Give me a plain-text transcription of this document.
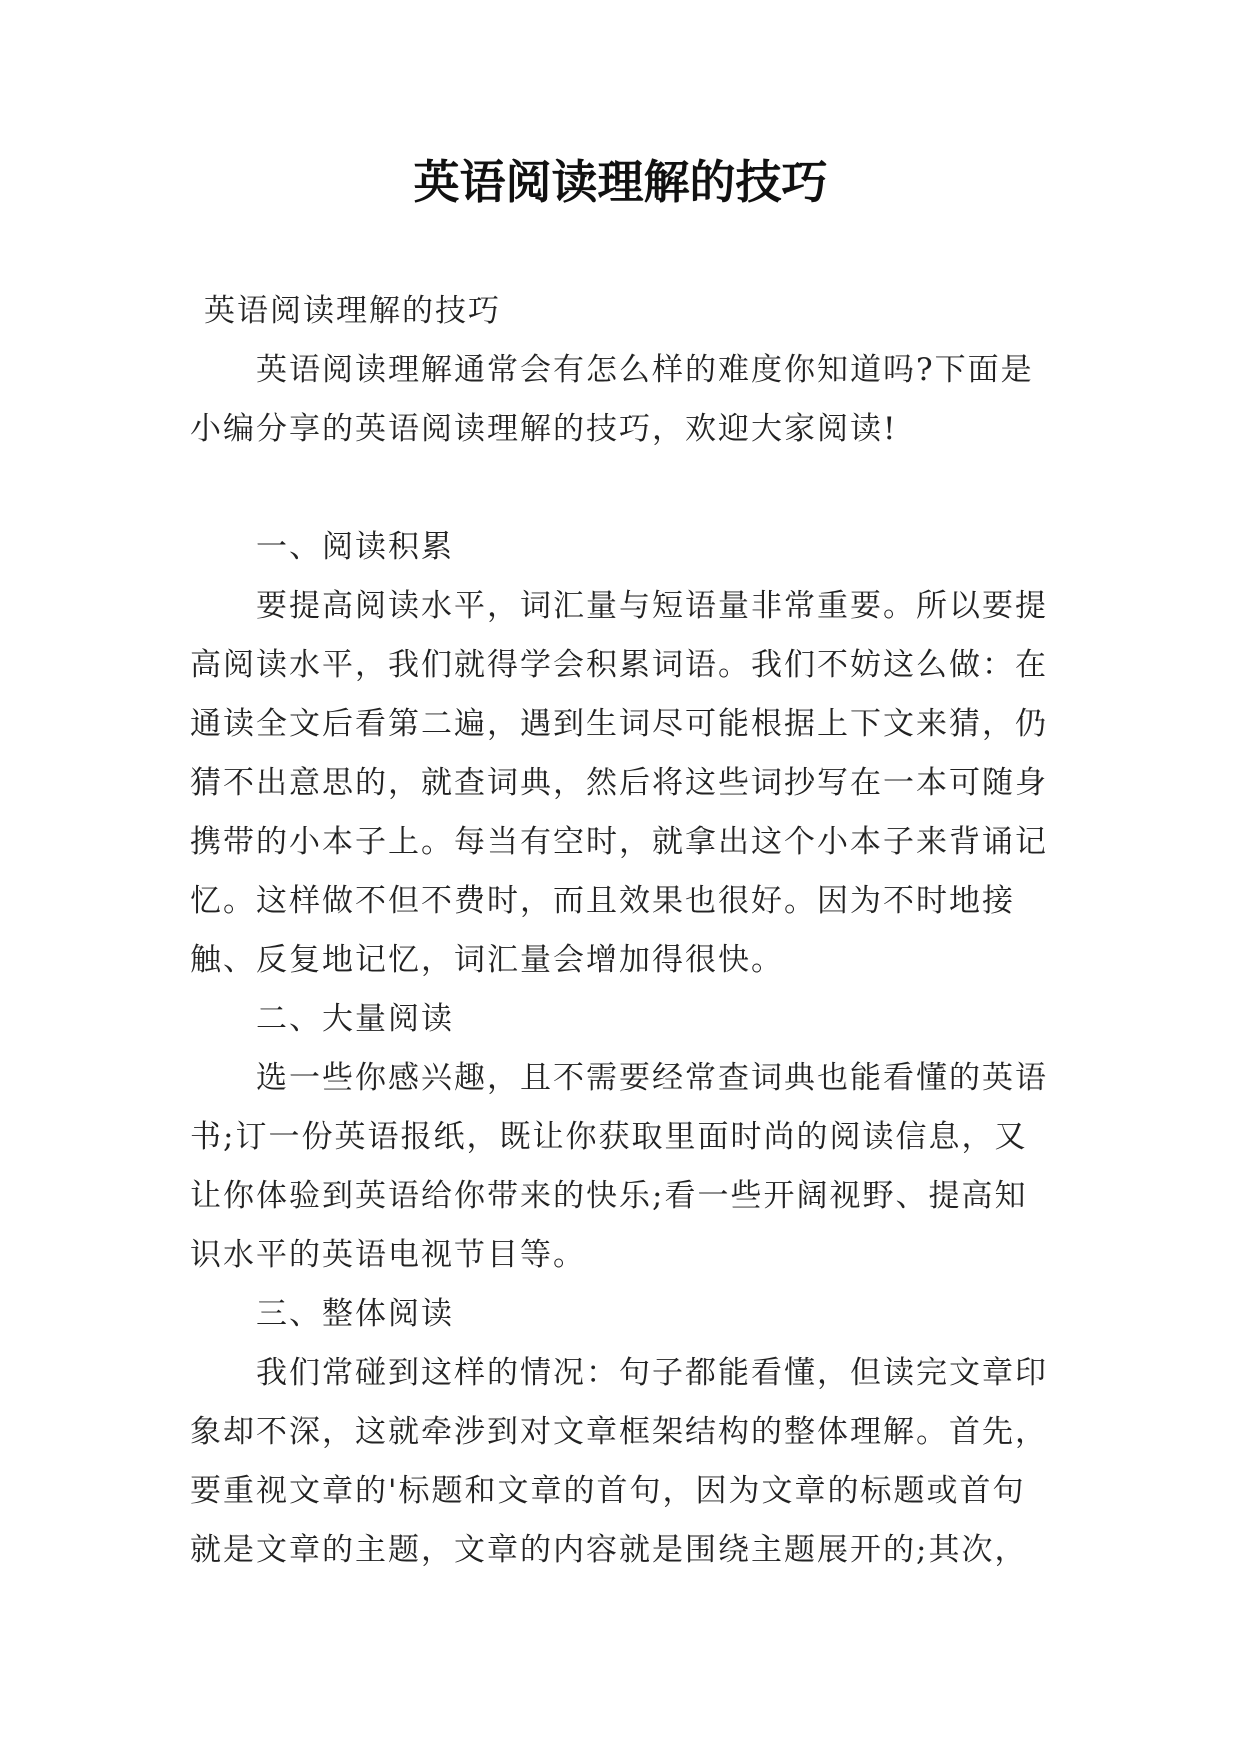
英语阅读理解的技巧

英语阅读理解的技巧

英语阅读理解通常会有怎么样的难度你知道吗?下面是小编分享的英语阅读理解的技巧，欢迎大家阅读!

一、阅读积累

要提高阅读水平，词汇量与短语量非常重要。所以要提高阅读水平，我们就得学会积累词语。我们不妨这么做：在通读全文后看第二遍，遇到生词尽可能根据上下文来猜，仍猜不出意思的，就查词典，然后将这些词抄写在一本可随身携带的小本子上。每当有空时，就拿出这个小本子来背诵记忆。这样做不但不费时，而且效果也很好。因为不时地接触、反复地记忆，词汇量会增加得很快。

二、大量阅读

选一些你感兴趣，且不需要经常查词典也能看懂的英语书;订一份英语报纸，既让你获取里面时尚的阅读信息，又让你体验到英语给你带来的快乐;看一些开阔视野、提高知识水平的英语电视节目等。

三、整体阅读

我们常碰到这样的情况：句子都能看懂，但读完文章印象却不深，这就牵涉到对文章框架结构的整体理解。首先，要重视文章的'标题和文章的首句，因为文章的标题或首句就是文章的主题，文章的内容就是围绕主题展开的;其次，
